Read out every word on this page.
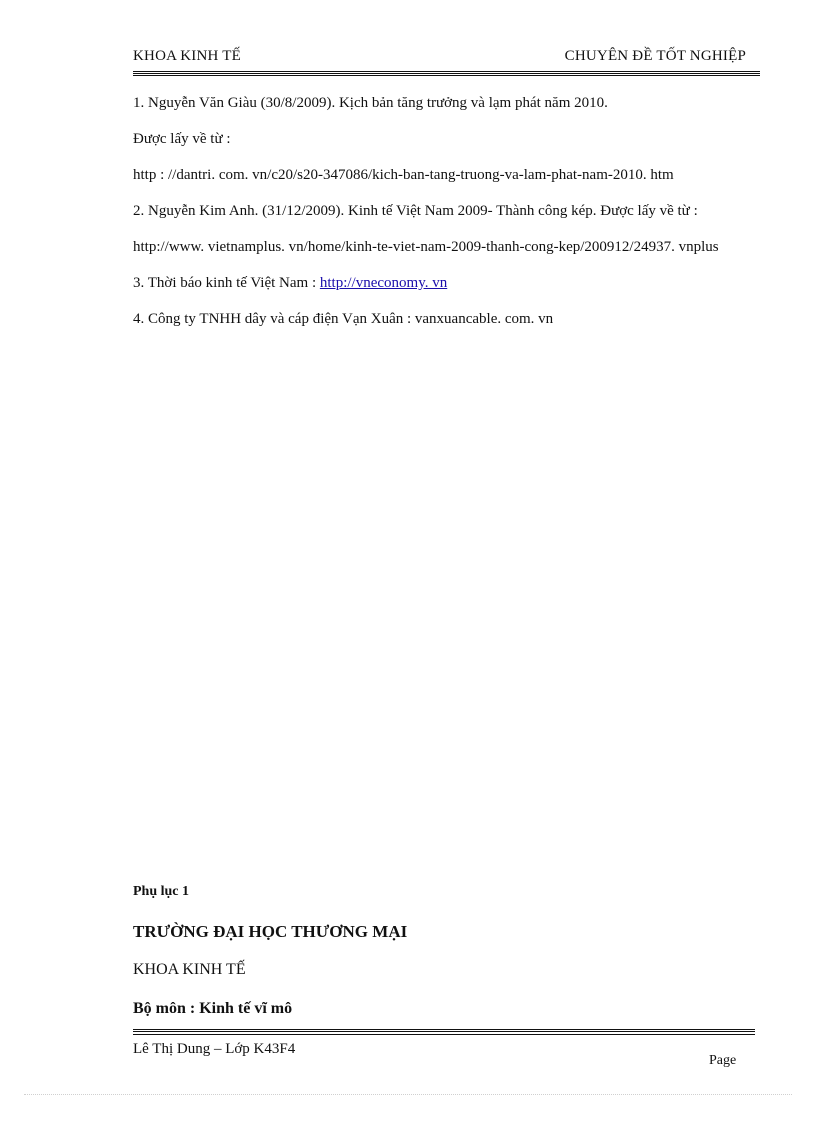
KHOA KINH TẾ	CHUYÊN ĐỀ TỐT NGHIỆP

1. Nguyễn Văn Giàu (30/8/2009). Kịch bản tăng trưởng và lạm phát năm 2010.

Được lấy về từ :

http : //dantri. com. vn/c20/s20-347086/kich-ban-tang-truong-va-lam-phat-nam-2010. htm

2. Nguyễn Kim Anh. (31/12/2009). Kinh tế Việt Nam 2009- Thành công kép. Được lấy về từ :

http://www. vietnamplus. vn/home/kinh-te-viet-nam-2009-thanh-cong-kep/200912/24937. vnplus

3. Thời báo kinh tế Việt Nam : http://vneconomy. vn

4. Công ty TNHH dây và cáp điện Vạn Xuân : vanxuancable. com. vn

Phụ lục 1

TRƯỜNG ĐẠI HỌC THƯƠNG MẠI
KHOA KINH TẾ
Bộ môn : Kinh tế vĩ mô
Lê Thị Dung – Lớp K43F4
Page
